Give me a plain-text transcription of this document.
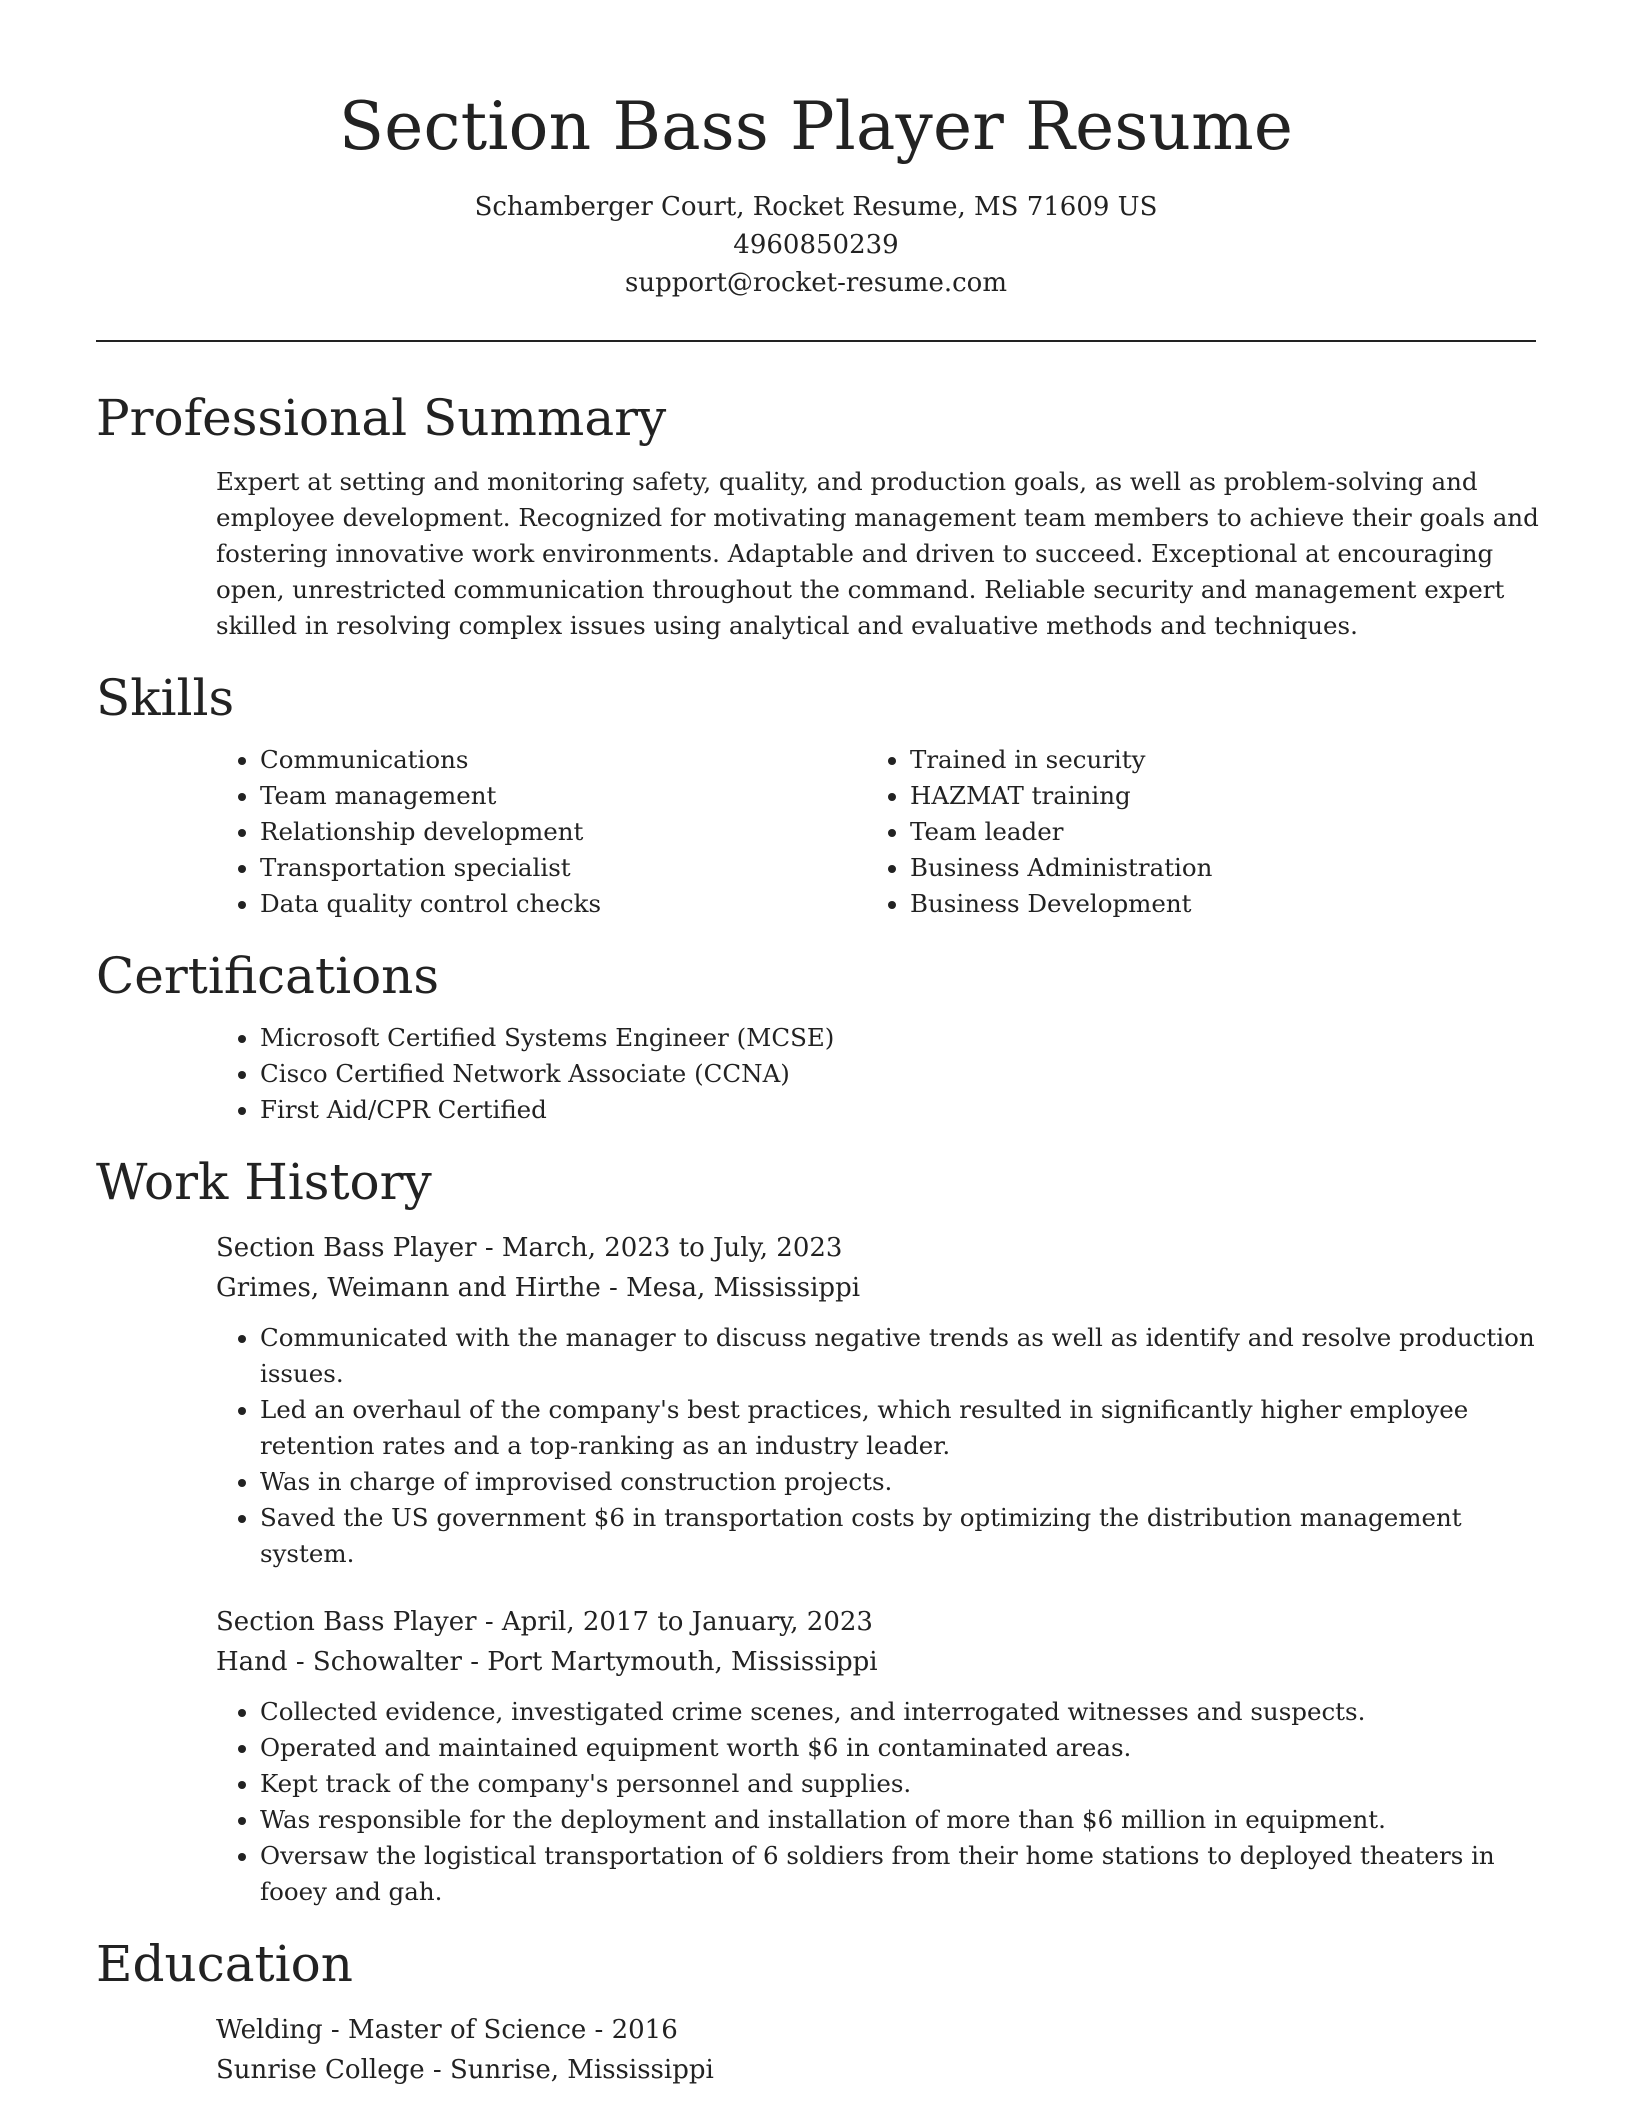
Section Bass Player Resume
Schamberger Court, Rocket Resume, MS 71609 US
4960850239
support@rocket-resume.com
Professional Summary

Expert at setting and monitoring safety, quality, and production goals, as well as problem-solving and employee development. Recognized for motivating management team members to achieve their goals and fostering innovative work environments. Adaptable and driven to succeed. Exceptional at encouraging open, unrestricted communication throughout the command. Reliable security and management expert skilled in resolving complex issues using analytical and evaluative methods and techniques.

Skills
• Communications
• Team management
• Relationship development
• Transportation specialist
• Data quality control checks
• Trained in security
• HAZMAT training
• Team leader
• Business Administration
• Business Development
Certifications
• Microsoft Certified Systems Engineer (MCSE)
• Cisco Certified Network Associate (CCNA)
• First Aid/CPR Certified
Work History
Section Bass Player - March, 2023 to July, 2023
Grimes, Weimann and Hirthe - Mesa, Mississippi
• Communicated with the manager to discuss negative trends as well as identify and resolve production issues.
• Led an overhaul of the company's best practices, which resulted in significantly higher employee retention rates and a top-ranking as an industry leader.
• Was in charge of improvised construction projects.
• Saved the US government $6 in transportation costs by optimizing the distribution management system.
Section Bass Player - April, 2017 to January, 2023
Hand - Schowalter - Port Martymouth, Mississippi
• Collected evidence, investigated crime scenes, and interrogated witnesses and suspects.
• Operated and maintained equipment worth $6 in contaminated areas.
• Kept track of the company's personnel and supplies.
• Was responsible for the deployment and installation of more than $6 million in equipment.
• Oversaw the logistical transportation of 6 soldiers from their home stations to deployed theaters in fooey and gah.
Education
Welding - Master of Science - 2016
Sunrise College - Sunrise, Mississippi
